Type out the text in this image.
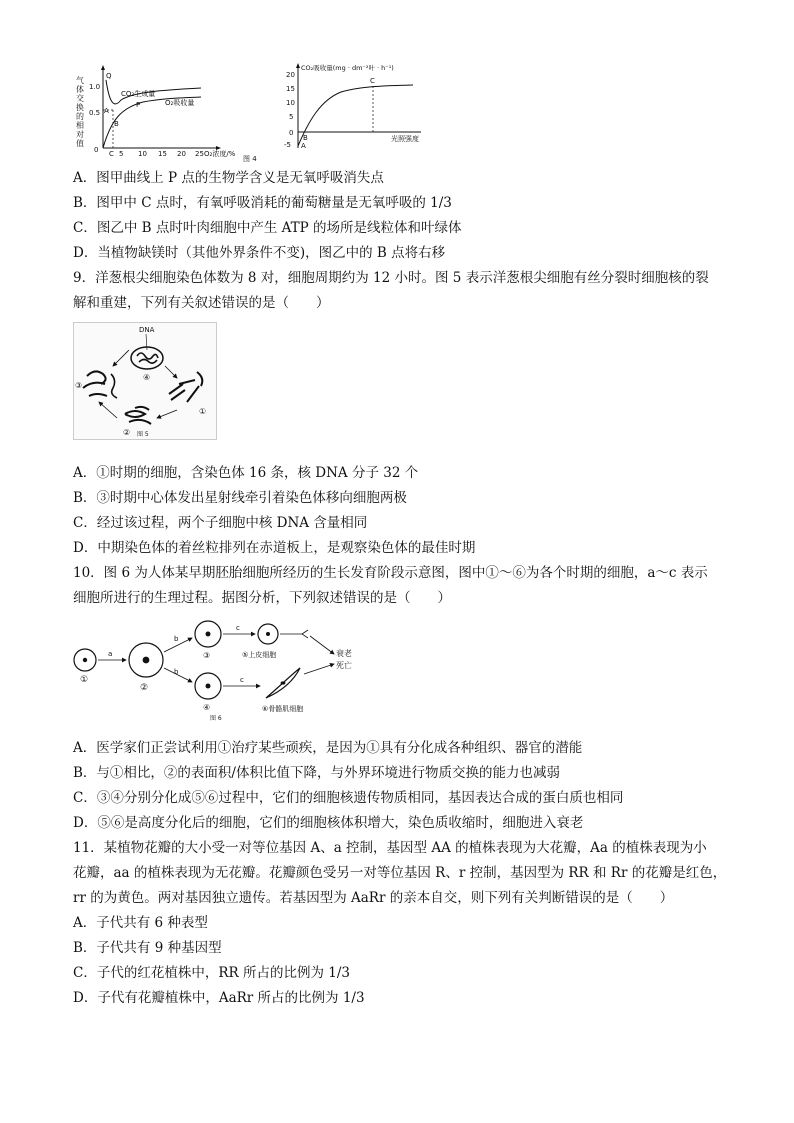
气体交换的相对值 1.0
0.5
0 C 5 10 15 20 25 O₂浓度/%
Q
A
B
P
CO₂生成量
O₂吸收量
CO₂吸收量(mg · dm⁻²叶 · h⁻¹)
20
15
10
5
0
-5
光照强度
A
B
C
图 4
A．图甲曲线上 P 点的生物学含义是无氧呼吸消失点
B．图甲中 C 点时，有氧呼吸消耗的葡萄糖量是无氧呼吸的 1/3
C．图乙中 B 点时叶肉细胞中产生 ATP 的场所是线粒体和叶绿体
D．当植物缺镁时（其他外界条件不变)，图乙中的 B 点将右移
9．洋葱根尖细胞染色体数为 8 对，细胞周期约为 12 小时。图 5 表示洋葱根尖细胞有丝分裂时细胞核的裂
解和重建，下列有关叙述错误的是（　　）
DNA
④
③
①
② 图 5
A．①时期的细胞，含染色体 16 条，核 DNA 分子 32 个
B．③时期中心体发出星射线牵引着染色体移向细胞两极
C．经过该过程，两个子细胞中核 DNA 含量相同
D．中期染色体的着丝粒排列在赤道板上，是观察染色体的最佳时期
10．图 6 为人体某早期胚胎细胞所经历的生长发育阶段示意图，图中①～⑥为各个时期的细胞，a～c 表示
细胞所进行的生理过程。据图分析，下列叙述错误的是（　　）
①
a
②
b
b
③
c
⑤上皮细胞
④
c
⑥骨骼肌细胞
衰老
死亡
图 6
A．医学家们正尝试利用①治疗某些顽疾，是因为①具有分化成各种组织、器官的潜能
B．与①相比，②的表面积/体积比值下降，与外界环境进行物质交换的能力也减弱
C．③④分别分化成⑤⑥过程中，它们的细胞核遗传物质相同，基因表达合成的蛋白质也相同
D．⑤⑥是高度分化后的细胞，它们的细胞核体积增大，染色质收缩时，细胞进入衰老
11．某植物花瓣的大小受一对等位基因 A、a 控制，基因型 AA 的植株表现为大花瓣，Aa 的植株表现为小
花瓣，aa 的植株表现为无花瓣。花瓣颜色受另一对等位基因 R、r 控制，基因型为 RR 和 Rr 的花瓣是红色，
rr 的为黄色。两对基因独立遗传。若基因型为 AaRr 的亲本自交，则下列有关判断错误的是（　　）
A．子代共有 6 种表型
B．子代共有 9 种基因型
C．子代的红花植株中，RR 所占的比例为 1/3
D．子代有花瓣植株中，AaRr 所占的比例为 1/3
